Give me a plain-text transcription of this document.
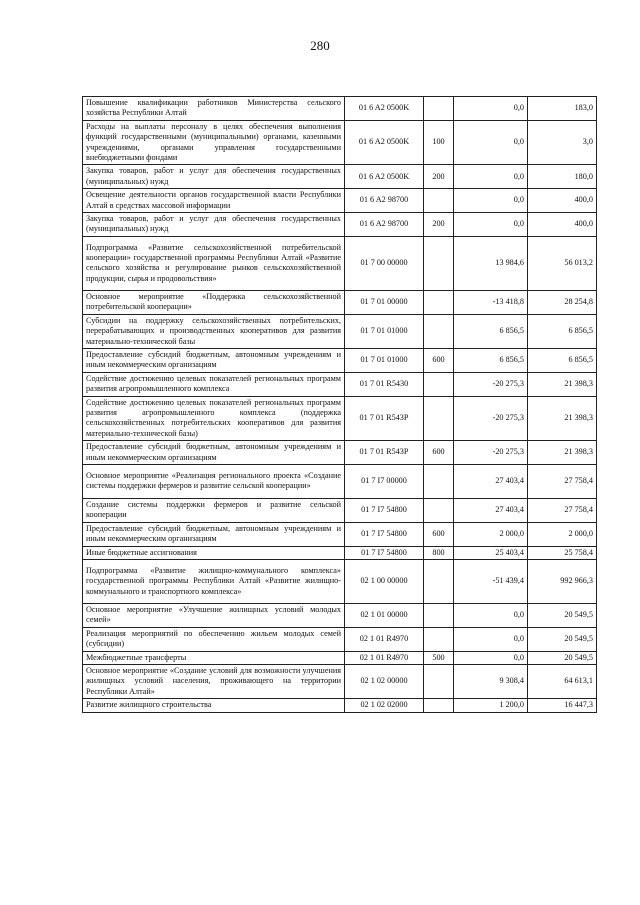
280
Повышение квалификации работников Министерства сельского хозяйства Республики Алтай	01 6 A2 0500K		0,0	183,0
Расходы на выплаты персоналу в целях обеспечения выполнения функций государственными (муниципальными) органами, казенными учреждениями, органами управления государственными внебюджетными фондами	01 6 A2 0500K	100	0,0	3,0
Закупка товаров, работ и услуг для обеспечения государственных (муниципальных) нужд	01 6 A2 0500K	200	0,0	180,0
Освещение деятельности органов государственной власти Республики Алтай в средствах массовой информации	01 6 A2 98700		0,0	400,0
Закупка товаров, работ и услуг для обеспечения государственных (муниципальных) нужд	01 6 A2 98700	200	0,0	400,0
Подпрограмма «Развитие сельскохозяйственной потребительской кооперации» государственной программы Республики Алтай «Развитие сельского хозяйства и регулирование рынков сельскохозяйственной продукции, сырья и продовольствия»	01 7 00 00000		13 984,6	56 013,2
Основное мероприятие «Поддержка сельскохозяйственной потребительской кооперации»	01 7 01 00000		-13 418,8	28 254,8
Субсидии на поддержку сельскохозяйственных потребительских, перерабатывающих и производственных кооперативов для развития материально-технической базы	01 7 01 01000		6 856,5	6 856,5
Предоставление субсидий бюджетным, автономным учреждениям и иным некоммерческим организациям	01 7 01 01000	600	6 856,5	6 856,5
Содействие достижению целевых показателей региональных программ развития агропромышленного комплекса	01 7 01 R5430		-20 275,3	21 398,3
Содействие достижению целевых показателей региональных программ развития агропромышленного комплекса (поддержка сельскохозяйственных потребительских кооперативов для развития материально-технической базы)	01 7 01 R543P		-20 275,3	21 398,3
Предоставление субсидий бюджетным, автономным учреждениям и иным некоммерческим организациям	01 7 01 R543P	600	-20 275,3	21 398,3
Основное мероприятие «Реализация регионального проекта «Создание системы поддержки фермеров и развитие сельской кооперации»	01 7 I7 00000		27 403,4	27 758,4
Создание системы поддержки фермеров и развитие сельской кооперации	01 7 I7 54800		27 403,4	27 758,4
Предоставление субсидий бюджетным, автономным учреждениям и иным некоммерческим организациям	01 7 I7 54800	600	2 000,0	2 000,0
Иные бюджетные ассигнования	01 7 I7 54800	800	25 403,4	25 758,4
Подпрограмма «Развитие жилищно-коммунального комплекса» государственной программы Республики Алтай «Развитие жилищно-коммунального и транспортного комплекса»	02 1 00 00000		-51 439,4	992 966,3
Основное мероприятие «Улучшение жилищных условий молодых семей»	02 1 01 00000		0,0	20 549,5
Реализация мероприятий по обеспечению жильем молодых семей (субсидии)	02 1 01 R4970		0,0	20 549,5
Межбюджетные трансферты	02 1 01 R4970	500	0,0	20 549,5
Основное мероприятие «Создание условий для возможности улучшения жилищных условий населения, проживающего на территории Республики Алтай»	02 1 02 00000		9 308,4	64 613,1
Развитие жилищного строительства	02 1 02 02000		1 200,0	16 447,3
